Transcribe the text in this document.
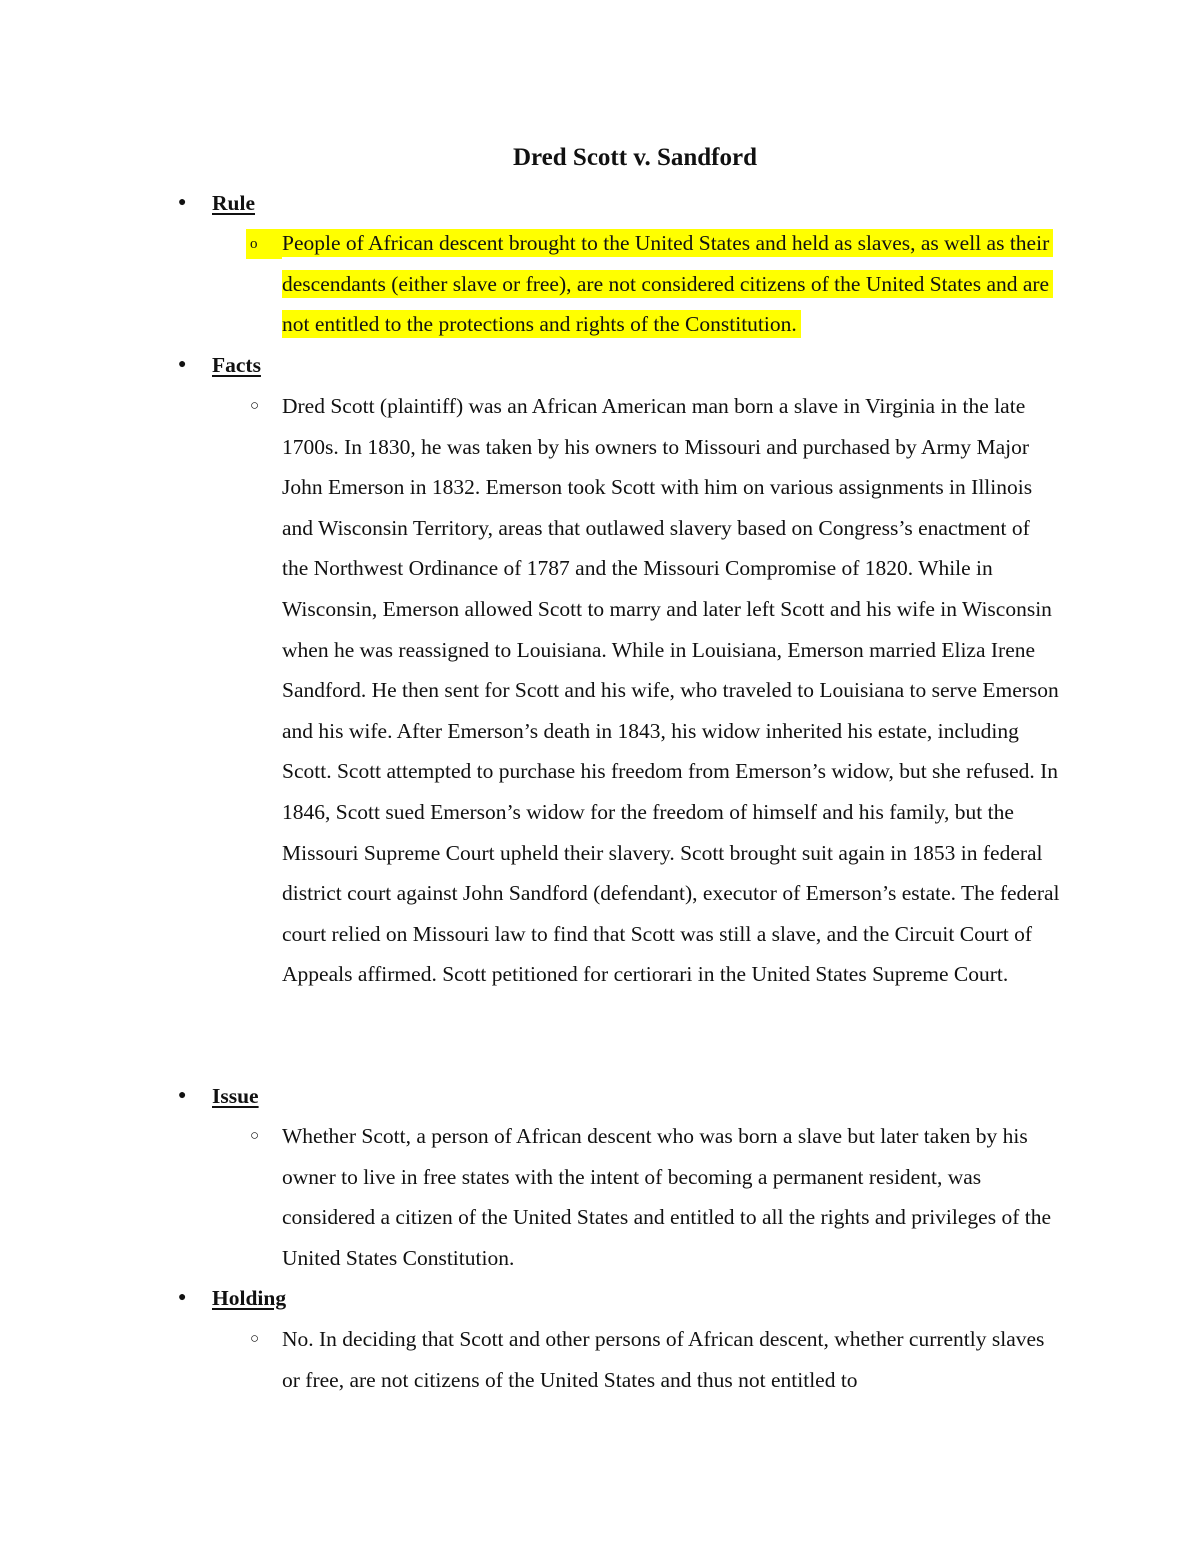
Dred Scott v. Sandford
● Rule
o	People of African descent brought to the United States and held as slaves, as well as their descendants (either slave or free), are not considered citizens of the United States and are not entitled to the protections and rights of the Constitution.
● Facts
○	Dred Scott (plaintiff) was an African American man born a slave in Virginia in the late 1700s. In 1830, he was taken by his owners to Missouri and purchased by Army Major John Emerson in 1832. Emerson took Scott with him on various assignments in Illinois and Wisconsin Territory, areas that outlawed slavery based on Congress’s enactment of the Northwest Ordinance of 1787 and the Missouri Compromise of 1820. While in Wisconsin, Emerson allowed Scott to marry and later left Scott and his wife in Wisconsin when he was reassigned to Louisiana. While in Louisiana, Emerson married Eliza Irene Sandford. He then sent for Scott and his wife, who traveled to Louisiana to serve Emerson and his wife. After Emerson’s death in 1843, his widow inherited his estate, including Scott. Scott attempted to purchase his freedom from Emerson’s widow, but she refused. In 1846, Scott sued Emerson’s widow for the freedom of himself and his family, but the Missouri Supreme Court upheld their slavery. Scott brought suit again in 1853 in federal district court against John Sandford (defendant), executor of Emerson’s estate. The federal court relied on Missouri law to find that Scott was still a slave, and the Circuit Court of Appeals affirmed. Scott petitioned for certiorari in the United States Supreme Court.
● Issue
○	Whether Scott, a person of African descent who was born a slave but later taken by his owner to live in free states with the intent of becoming a permanent resident, was considered a citizen of the United States and entitled to all the rights and privileges of the United States Constitution.
● Holding
○	No. In deciding that Scott and other persons of African descent, whether currently slaves or free, are not citizens of the United States and thus not entitled to
